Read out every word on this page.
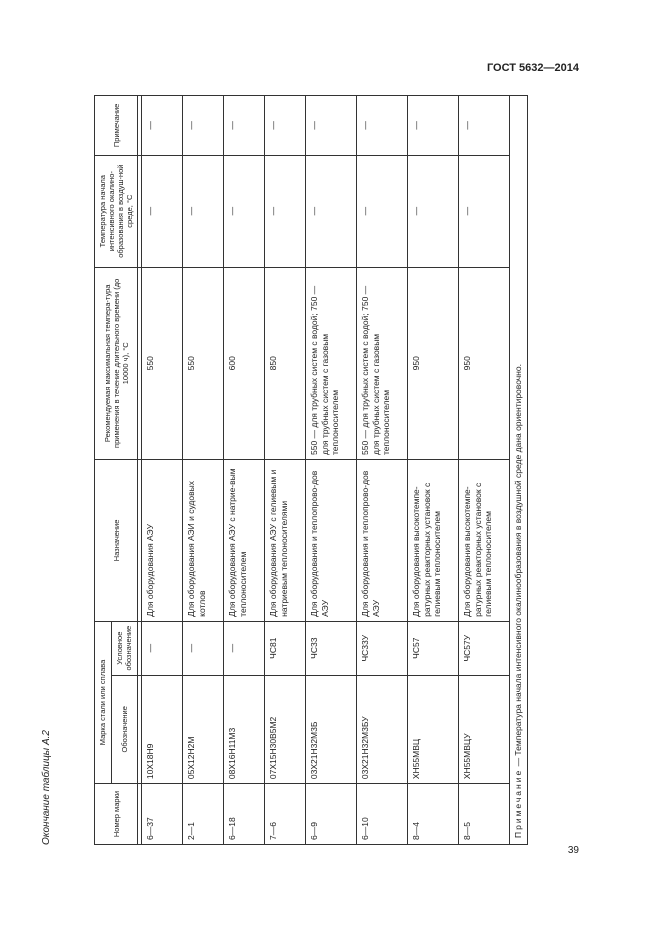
ГОСТ 5632—2014
Окончание таблицы А.2	Номер марки	Марка стали или сплава		Назначение	Рекомендуемая максимальная темпера-тура применения в течение длительного времени (до 10000 ч), °С	Температура начала интенсивного окалино-образования в воздуш-ной среде, °С	Примечание
	Обозначение	Условное обозначение				

6—37	10Х18Н9	—	Для оборудования АЭУ	550	—	—
2—1	05Х12Н2М	—	Для оборудования АЭИ и судовых котлов	550	—	—
6—18	08Х16Н11М3	—	Для оборудования АЭУ с натрие-вым теплоносителем	600	—	—
7—6	07Х15Н30В5М2	ЧС81	Для оборудования АЭУ с гелиевым и натриевым теплоносителями	850	—	—
6—9	03Х21Н32М3Б	ЧС33	Для оборудования и теплопрово-дов АЭУ	550 — для трубных систем с водой; 750 — для трубных систем с газовым теплоносителем	—	—
6—10	03Х21Н32М3БУ	ЧС33У	Для оборудования и теплопрово-дов АЭУ	550 — для трубных систем с водой; 750 — для трубных систем с газовым теплоносителем	—	—
8—4	ХН55МВЦ	ЧС57	Для оборудования высокотемпе-ратурных реакторных установок с гелиевым теплоносителем	950	—	—
8—5	ХН55МВЦУ	ЧС57У	Для оборудования высокотемпе-ратурных реакторных установок с гелиевым теплоносителем	950	—	—
Примечание — Температура начала интенсивного окалинообразования в воздушной среде дана ориентировочно.						
39
